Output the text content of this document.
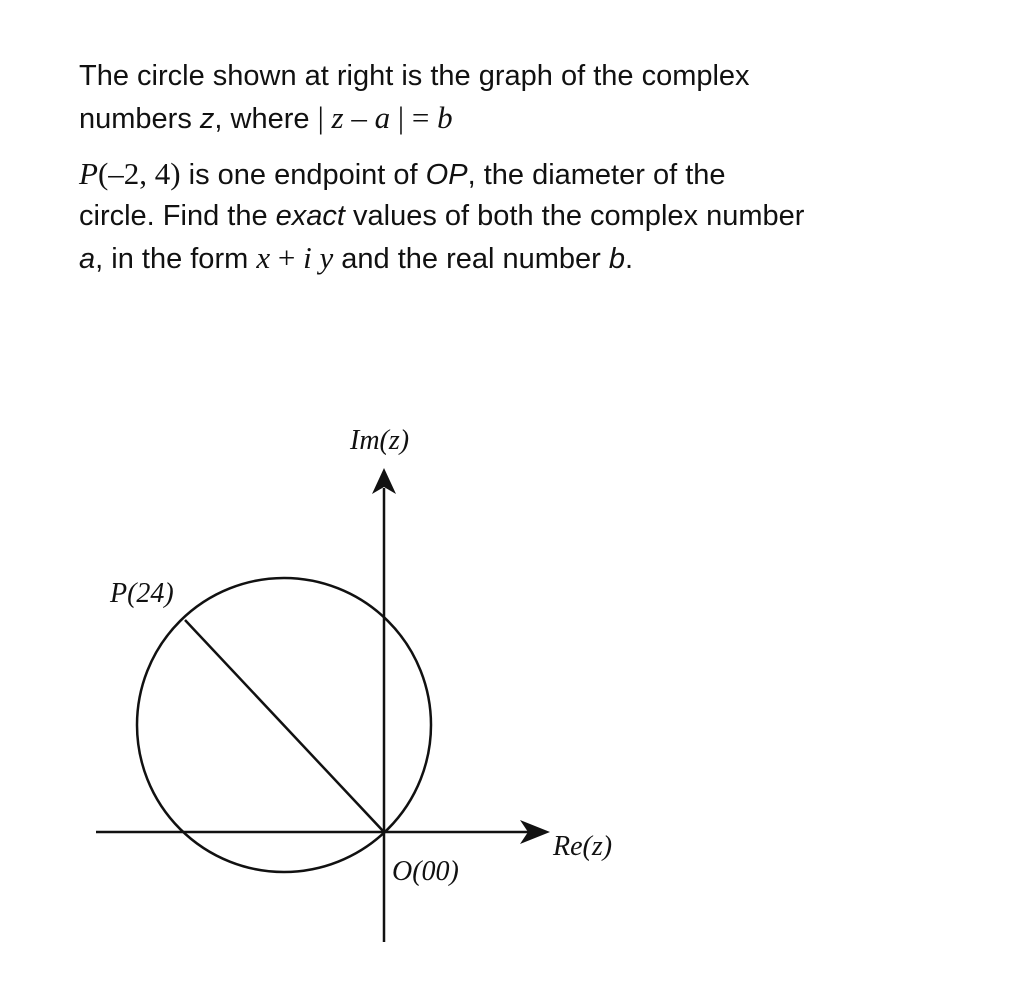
The circle shown at right is the graph of the complex
numbers z, where | z – a | = b

P(–2, 4) is one endpoint of OP, the diameter of the
circle. Find the exact values of both the complex number
a, in the form x + i y and the real number b.

Im(z)
Re(z)
P(24)
O(00)
